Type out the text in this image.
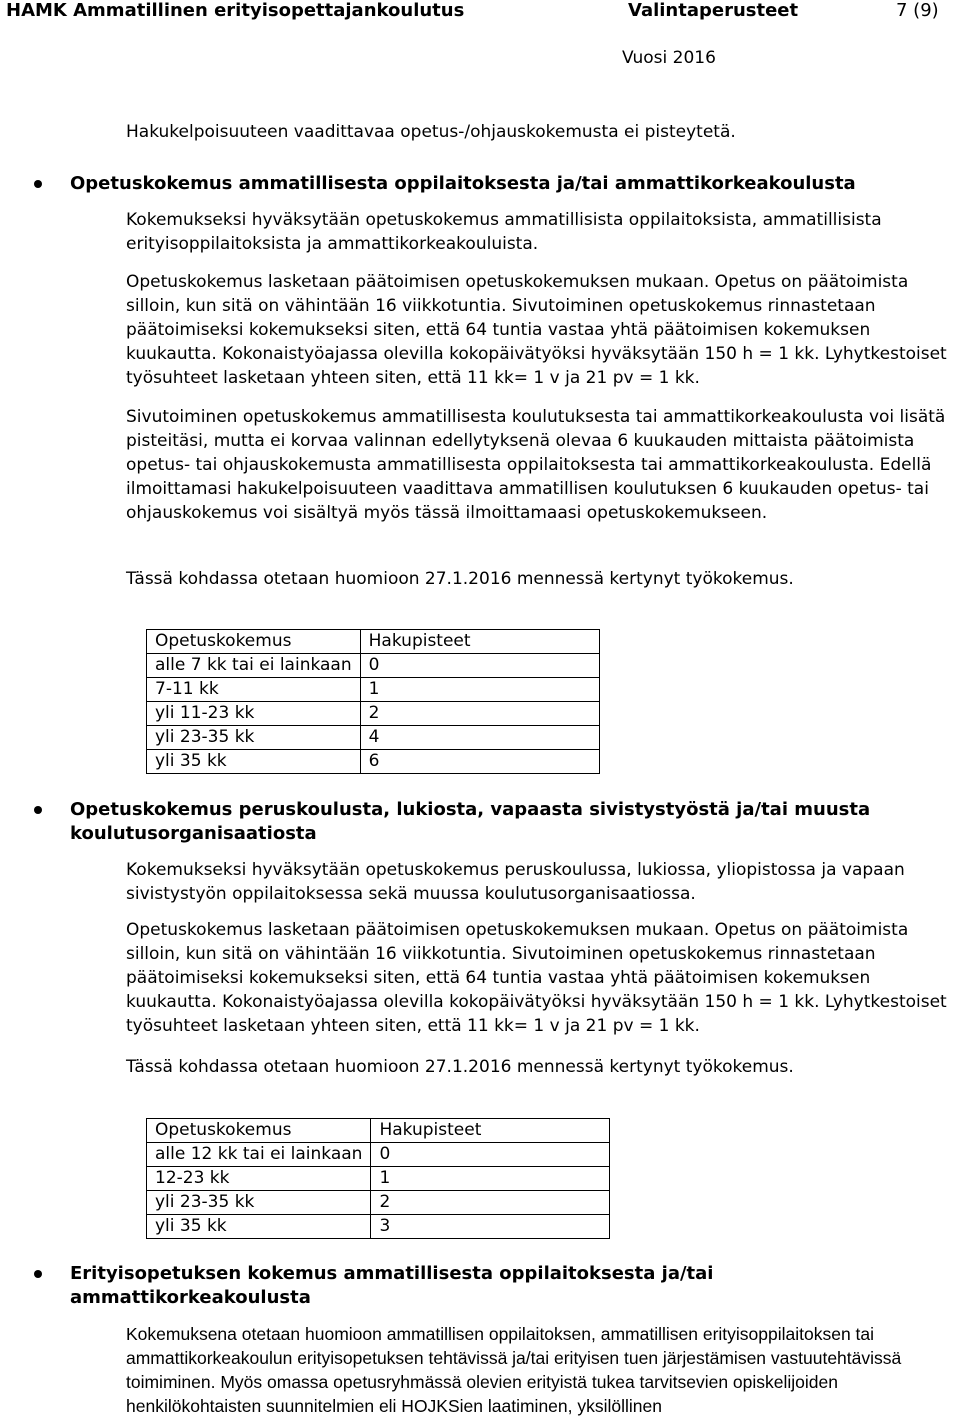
HAMK Ammatillinen erityisopettajankoulutus	Valintaperusteet	7 (9)
Vuosi 2016

Hakukelpoisuuteen vaadittavaa opetus-/ohjauskokemusta ei pisteytetä.

Opetuskokemus ammatillisesta oppilaitoksesta ja/tai ammattikorkeakoulusta

Kokemukseksi hyväksytään opetuskokemus ammatillisista oppilaitoksista, ammatillisista erityisoppilaitoksista ja ammattikorkeakouluista.

Opetuskokemus lasketaan päätoimisen opetuskokemuksen mukaan. Opetus on päätoimista silloin, kun sitä on vähintään 16 viikkotuntia. Sivutoiminen opetuskokemus rinnastetaan päätoimiseksi kokemukseksi siten, että 64 tuntia vastaa yhtä päätoimisen kokemuksen kuukautta. Kokonaistyöajassa olevilla kokopäivätyöksi hyväksytään 150 h = 1 kk. Lyhytkestoiset työsuhteet lasketaan yhteen siten, että 11 kk= 1 v ja 21 pv = 1 kk.

Sivutoiminen opetuskokemus ammatillisesta koulutuksesta tai ammattikorkeakoulusta voi lisätä pisteitäsi, mutta ei korvaa valinnan edellytyksenä olevaa 6 kuukauden mittaista päätoimista opetus- tai ohjauskokemusta ammatillisesta oppilaitoksesta tai ammattikorkeakoulusta. Edellä ilmoittamasi hakukelpoisuuteen vaadittava ammatillisen koulutuksen 6 kuukauden opetus- tai ohjauskokemus voi sisältyä myös tässä ilmoittamaasi opetuskokemukseen.

Tässä kohdassa otetaan huomioon 27.1.2016 mennessä kertynyt työkokemus.

Opetuskokemus	Hakupisteet
alle 7 kk tai ei lainkaan	0
7-11 kk	1
yli 11-23 kk	2
yli 23-35 kk	4
yli 35 kk	6

Opetuskokemus peruskoulusta, lukiosta, vapaasta sivistystyöstä ja/tai muusta koulutusorganisaatiosta

Kokemukseksi hyväksytään opetuskokemus peruskoulussa, lukiossa, yliopistossa ja vapaan sivistystyön oppilaitoksessa sekä muussa koulutusorganisaatiossa.

Opetuskokemus lasketaan päätoimisen opetuskokemuksen mukaan. Opetus on päätoimista silloin, kun sitä on vähintään 16 viikkotuntia. Sivutoiminen opetuskokemus rinnastetaan päätoimiseksi kokemukseksi siten, että 64 tuntia vastaa yhtä päätoimisen kokemuksen kuukautta. Kokonaistyöajassa olevilla kokopäivätyöksi hyväksytään 150 h = 1 kk. Lyhytkestoiset työsuhteet lasketaan yhteen siten, että 11 kk= 1 v ja 21 pv = 1 kk.

Tässä kohdassa otetaan huomioon 27.1.2016 mennessä kertynyt työkokemus.

Opetuskokemus	Hakupisteet
alle 12 kk tai ei lainkaan	0
12-23 kk	1
yli 23-35 kk	2
yli 35 kk	3

Erityisopetuksen kokemus ammatillisesta oppilaitoksesta ja/tai ammattikorkeakoulusta

Kokemuksena otetaan huomioon ammatillisen oppilaitoksen, ammatillisen erityisoppilaitoksen tai ammattikorkeakoulun erityisopetuksen tehtävissä ja/tai erityisen tuen järjestämisen vastuutehtävissä toimiminen. Myös omassa opetusryhmässä olevien erityistä tukea tarvitsevien opiskelijoiden henkilökohtaisten suunnitelmien eli HOJKSien laatiminen, yksilöllinen
